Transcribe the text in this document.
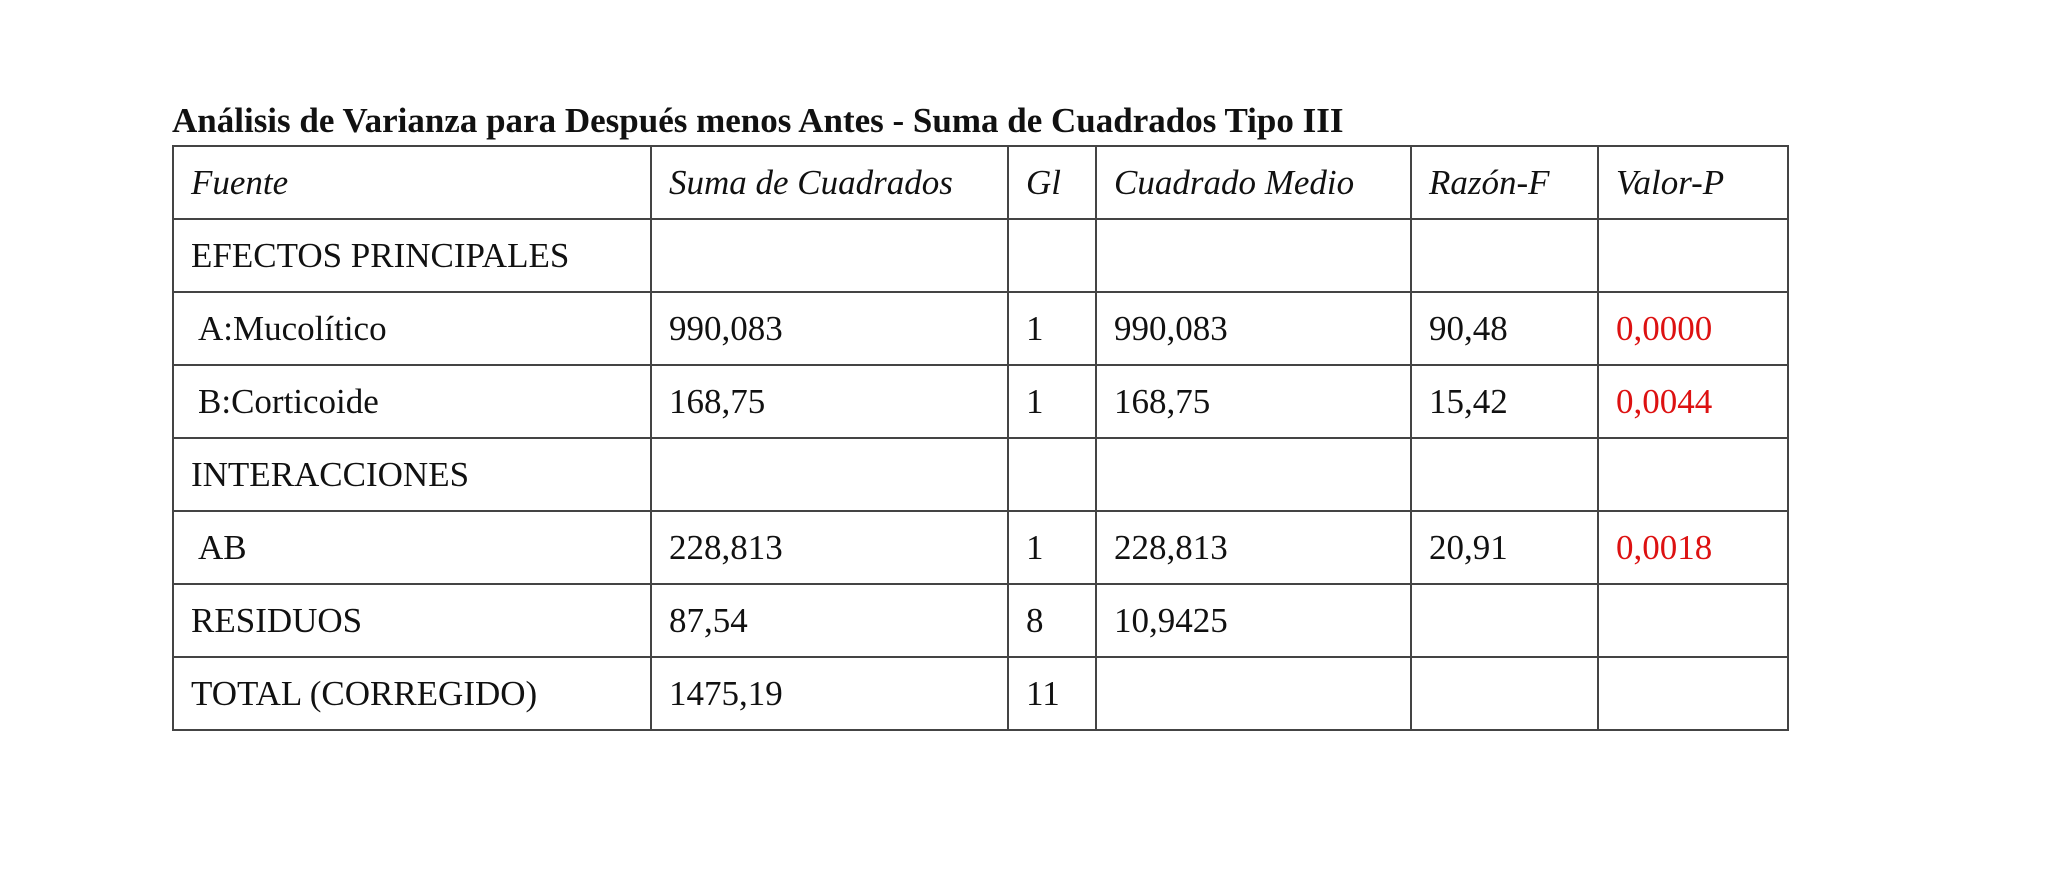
Análisis de Varianza para Después menos Antes - Suma de Cuadrados Tipo III
Fuente	Suma de Cuadrados	Gl	Cuadrado Medio	Razón-F	Valor-P
EFECTOS PRINCIPALES					
A:Mucolítico	990,083	1	990,083	90,48	0,0000
B:Corticoide	168,75	1	168,75	15,42	0,0044
INTERACCIONES					
AB	228,813	1	228,813	20,91	0,0018
RESIDUOS	87,54	8	10,9425		
TOTAL (CORREGIDO)	1475,19	11			
